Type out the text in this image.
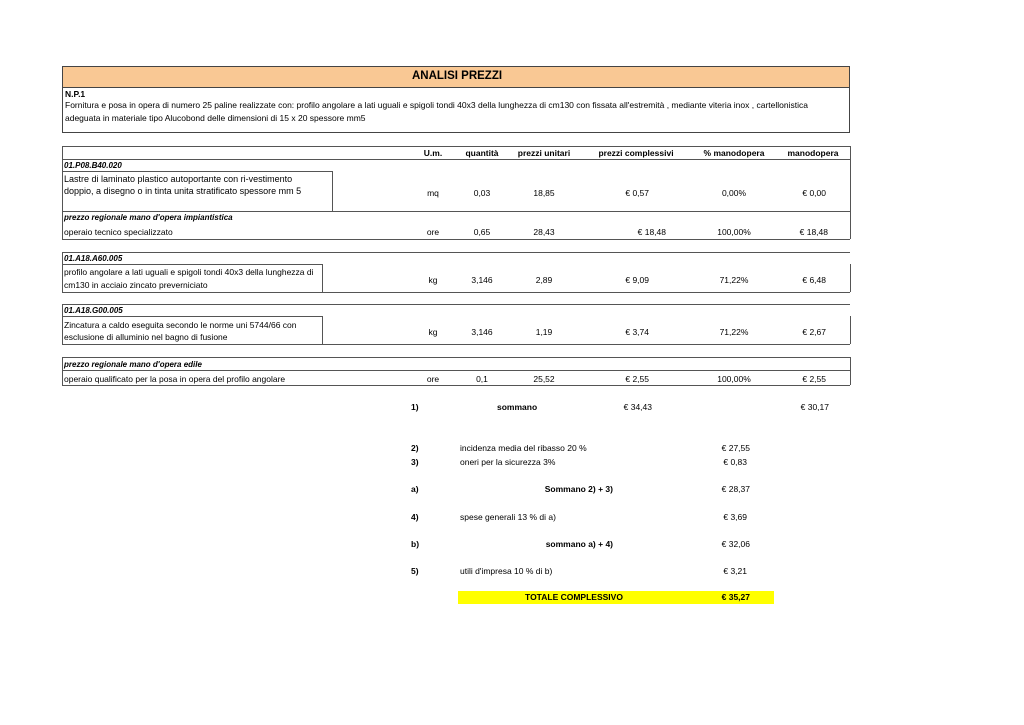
ANALISI PREZZI
N.P.1
Fornitura e posa in opera di numero 25 paline realizzate con: profilo angolare a lati uguali e spigoli tondi 40x3 della lunghezza di cm130 con fissata all'estremità , mediante viteria inox , cartellonistica adeguata in materiale tipo Alucobond delle dimensioni di 15 x 20 spessore mm5
U.m.	quantità	prezzi unitari	prezzi complessivi	% manodopera	manodopera
01.P08.B40.020
Lastre di laminato plastico autoportante con ri-vestimento
doppio, a disegno o in tinta unita stratificato spessore mm 5	mq	0,03	18,85	€ 0,57	0,00%	€ 0,00
prezzo regionale mano d'opera impiantistica
operaio tecnico specializzato	ore	0,65	28,43	€ 18,48	100,00%	€ 18,48
01.A18.A60.005
profilo angolare a lati uguali e spigoli tondi 40x3 della lunghezza di
cm130 in acciaio zincato preverniciato	kg	3,146	2,89	€ 9,09	71,22%	€ 6,48
01.A18.G00.005
Zincatura a caldo eseguita secondo le norme uni 5744/66 con
esclusione di alluminio nel bagno di fusione	kg	3,146	1,19	€ 3,74	71,22%	€ 2,67
prezzo regionale mano d'opera edile
operaio qualificato per la posa in opera del profilo angolare	ore	0,1	25,52	€ 2,55	100,00%	€ 2,55
1)	sommano	€ 34,43	€ 30,17
2)	incidenza media del ribasso 20 %	€ 27,55
3)	oneri per la sicurezza 3%	€ 0,83
a)	Sommano 2) + 3)	€ 28,37
4)	spese generali 13 % di a)	€ 3,69
b)	sommano a) + 4)	€ 32,06
5)	utili d'impresa 10 % di b)	€ 3,21
TOTALE COMPLESSIVO	€ 35,27
